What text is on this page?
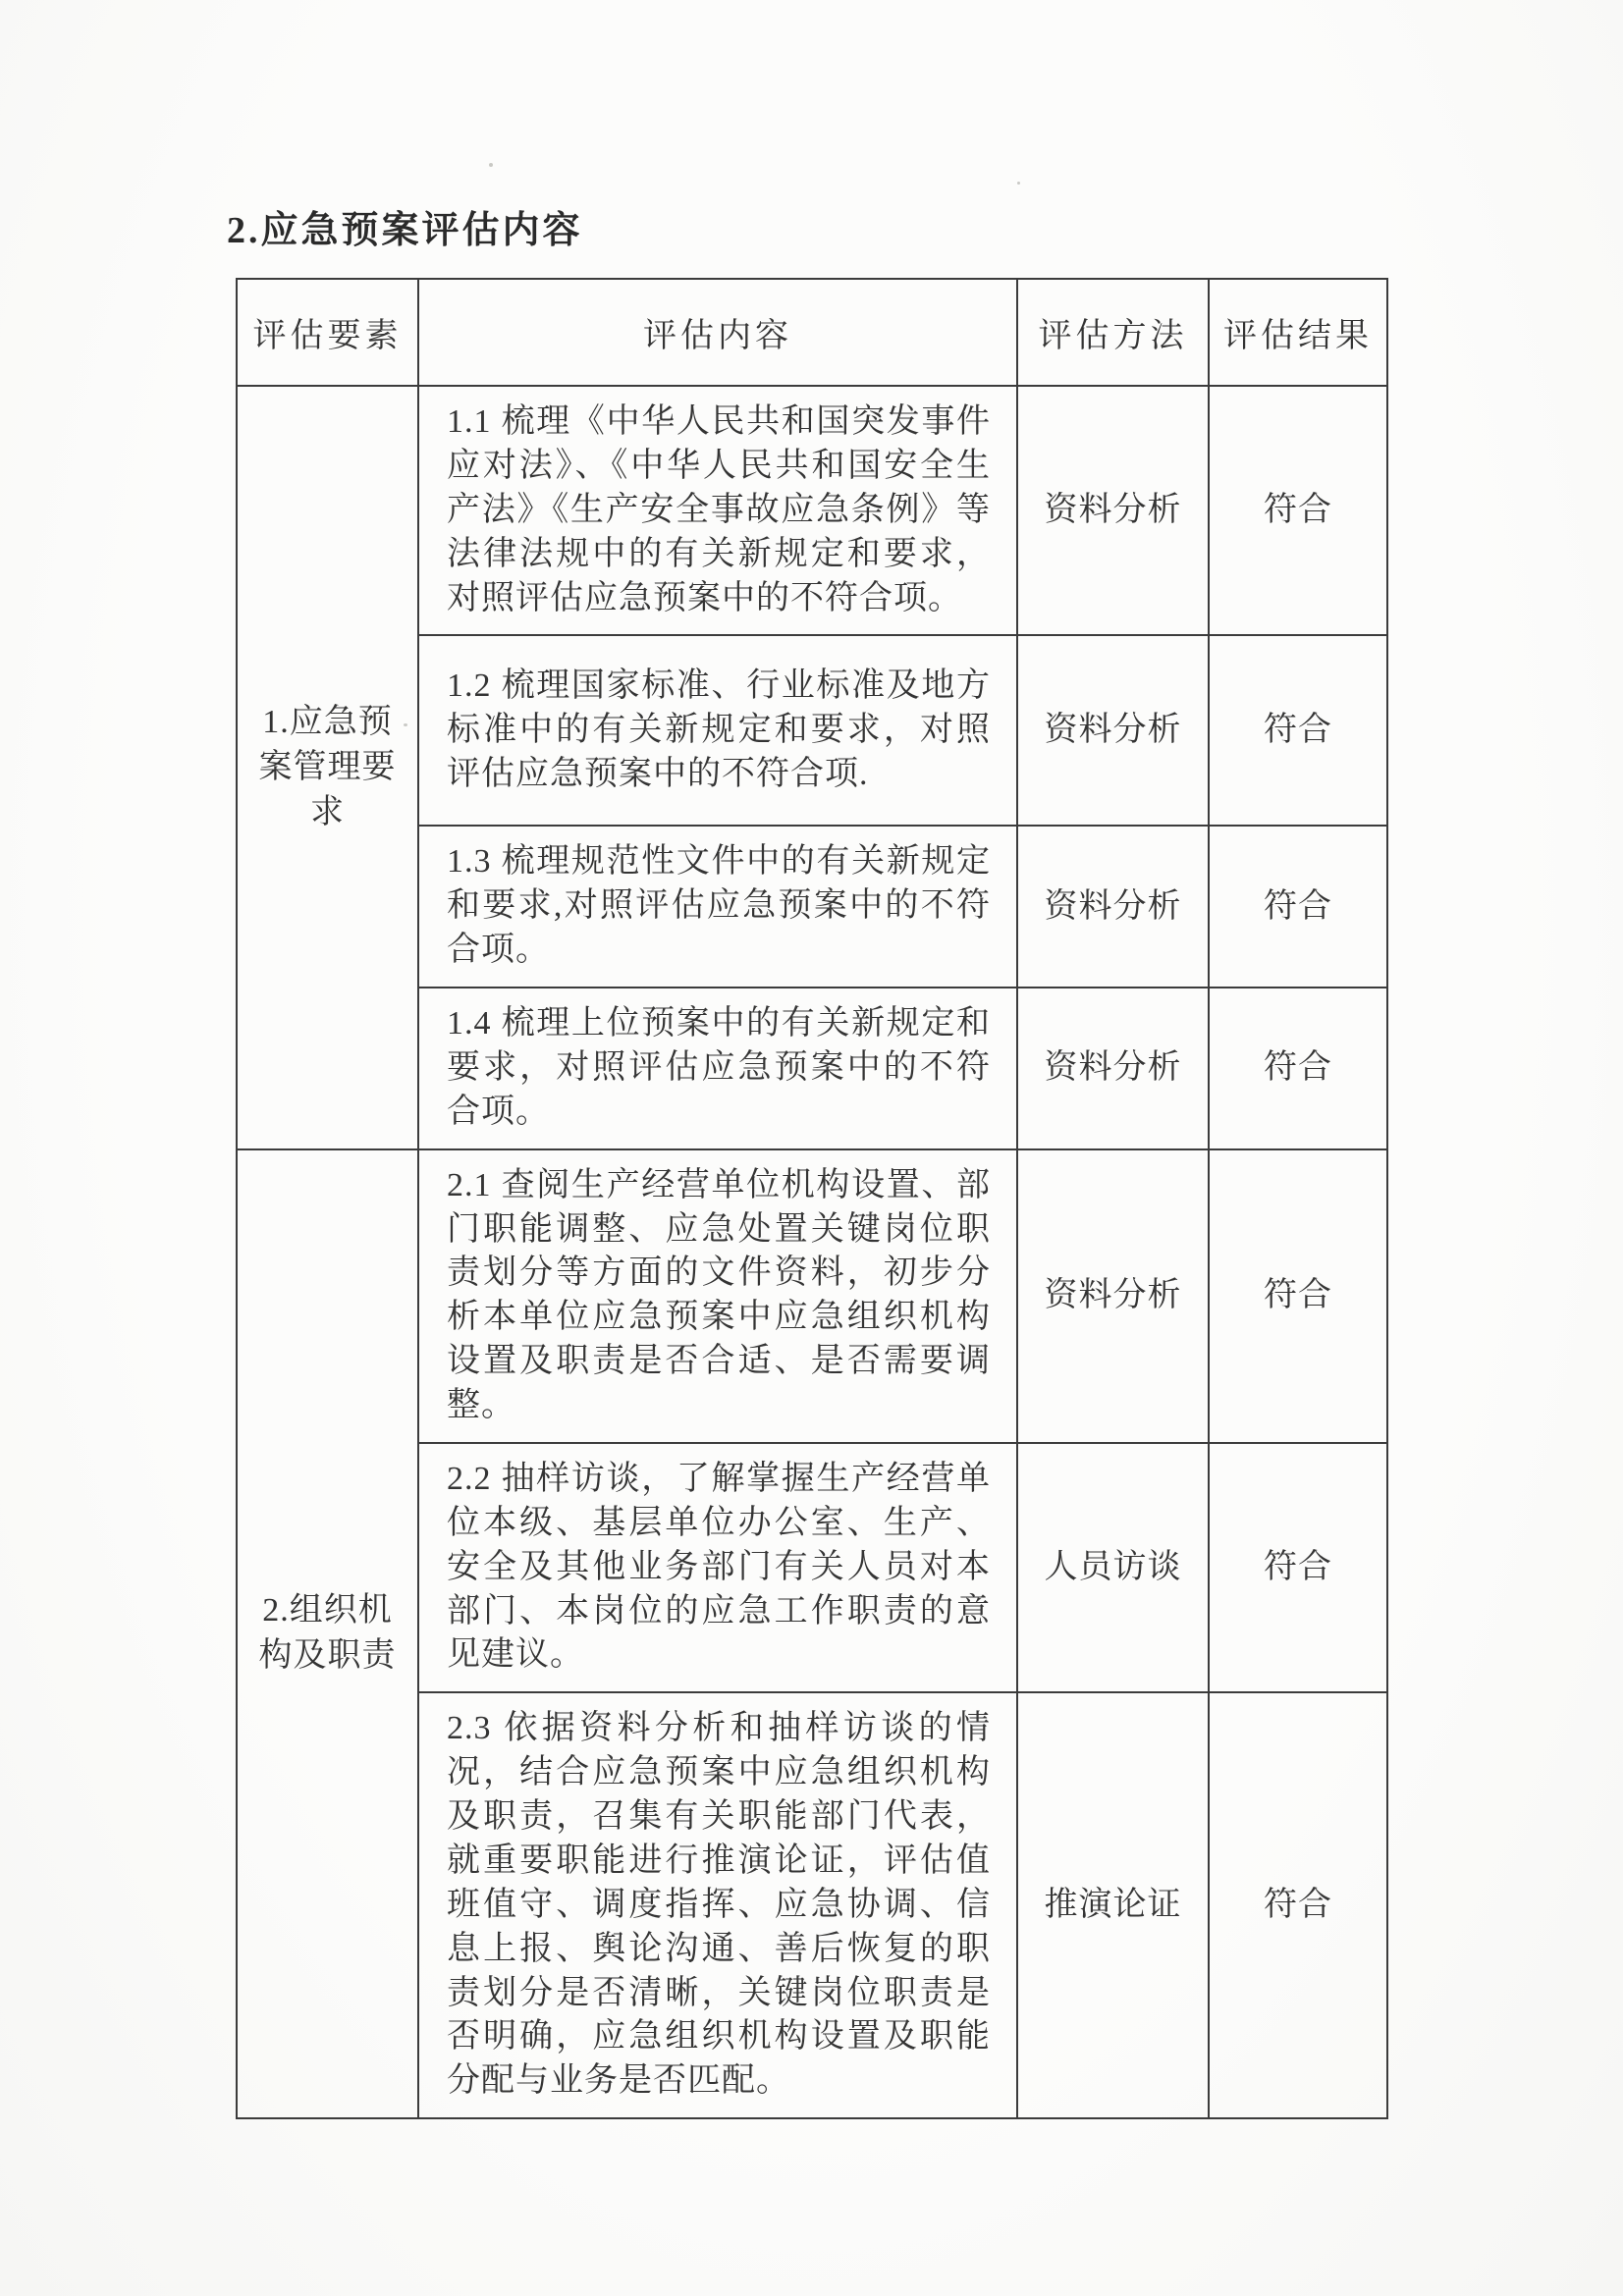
2.应急预案评估内容
评估要素	评估内容	评估方法	评估结果
1.应急预案管理要求	1.1 梳理《中华人民共和国突发事件应对法》、《中华人民共和国安全生产法》《生产安全事故应急条例》等法律法规中的有关新规定和要求，对照评估应急预案中的不符合项。	资料分析	符合
	1.2 梳理国家标准、行业标准及地方标准中的有关新规定和要求，对照评估应急预案中的不符合项.	资料分析	符合
	1.3 梳理规范性文件中的有关新规定和要求,对照评估应急预案中的不符合项。	资料分析	符合
	1.4 梳理上位预案中的有关新规定和要求，对照评估应急预案中的不符合项。	资料分析	符合
2.组织机构及职责	2.1 查阅生产经营单位机构设置、部门职能调整、应急处置关键岗位职责划分等方面的文件资料，初步分析本单位应急预案中应急组织机构设置及职责是否合适、是否需要调整。	资料分析	符合
	2.2 抽样访谈，了解掌握生产经营单位本级、基层单位办公室、生产、安全及其他业务部门有关人员对本部门、本岗位的应急工作职责的意见建议。	人员访谈	符合
	2.3 依据资料分析和抽样访谈的情况，结合应急预案中应急组织机构及职责，召集有关职能部门代表，就重要职能进行推演论证，评估值班值守、调度指挥、应急协调、信息上报、舆论沟通、善后恢复的职责划分是否清晰，关键岗位职责是否明确，应急组织机构设置及职能分配与业务是否匹配。	推演论证	符合
